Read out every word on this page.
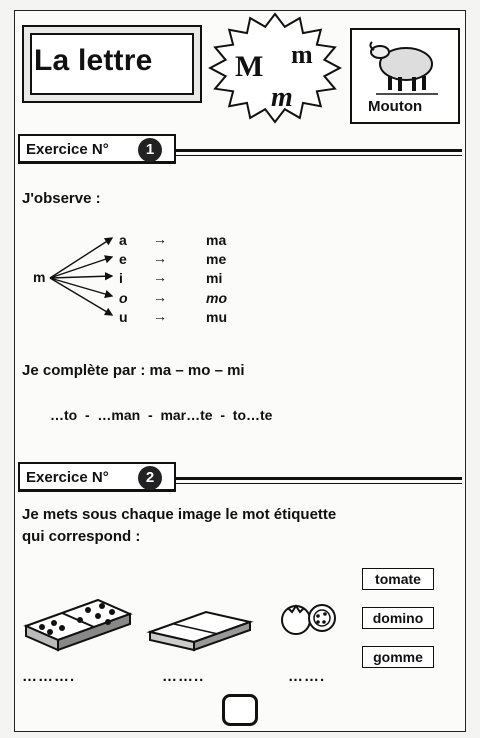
La lettre	M m
m	Mouton
Exercice N°	1
J'observe :
m
a →	ma
e →	me
i →	mi
o →	mo
u →	mu
Je complète par : ma – mo – mi
…to  -  …man  -  mar…te  -  to…te
Exercice N°	2
Je mets sous chaque image le mot étiquette
qui correspond :
tomate
domino
gomme
……….	……..	…….
